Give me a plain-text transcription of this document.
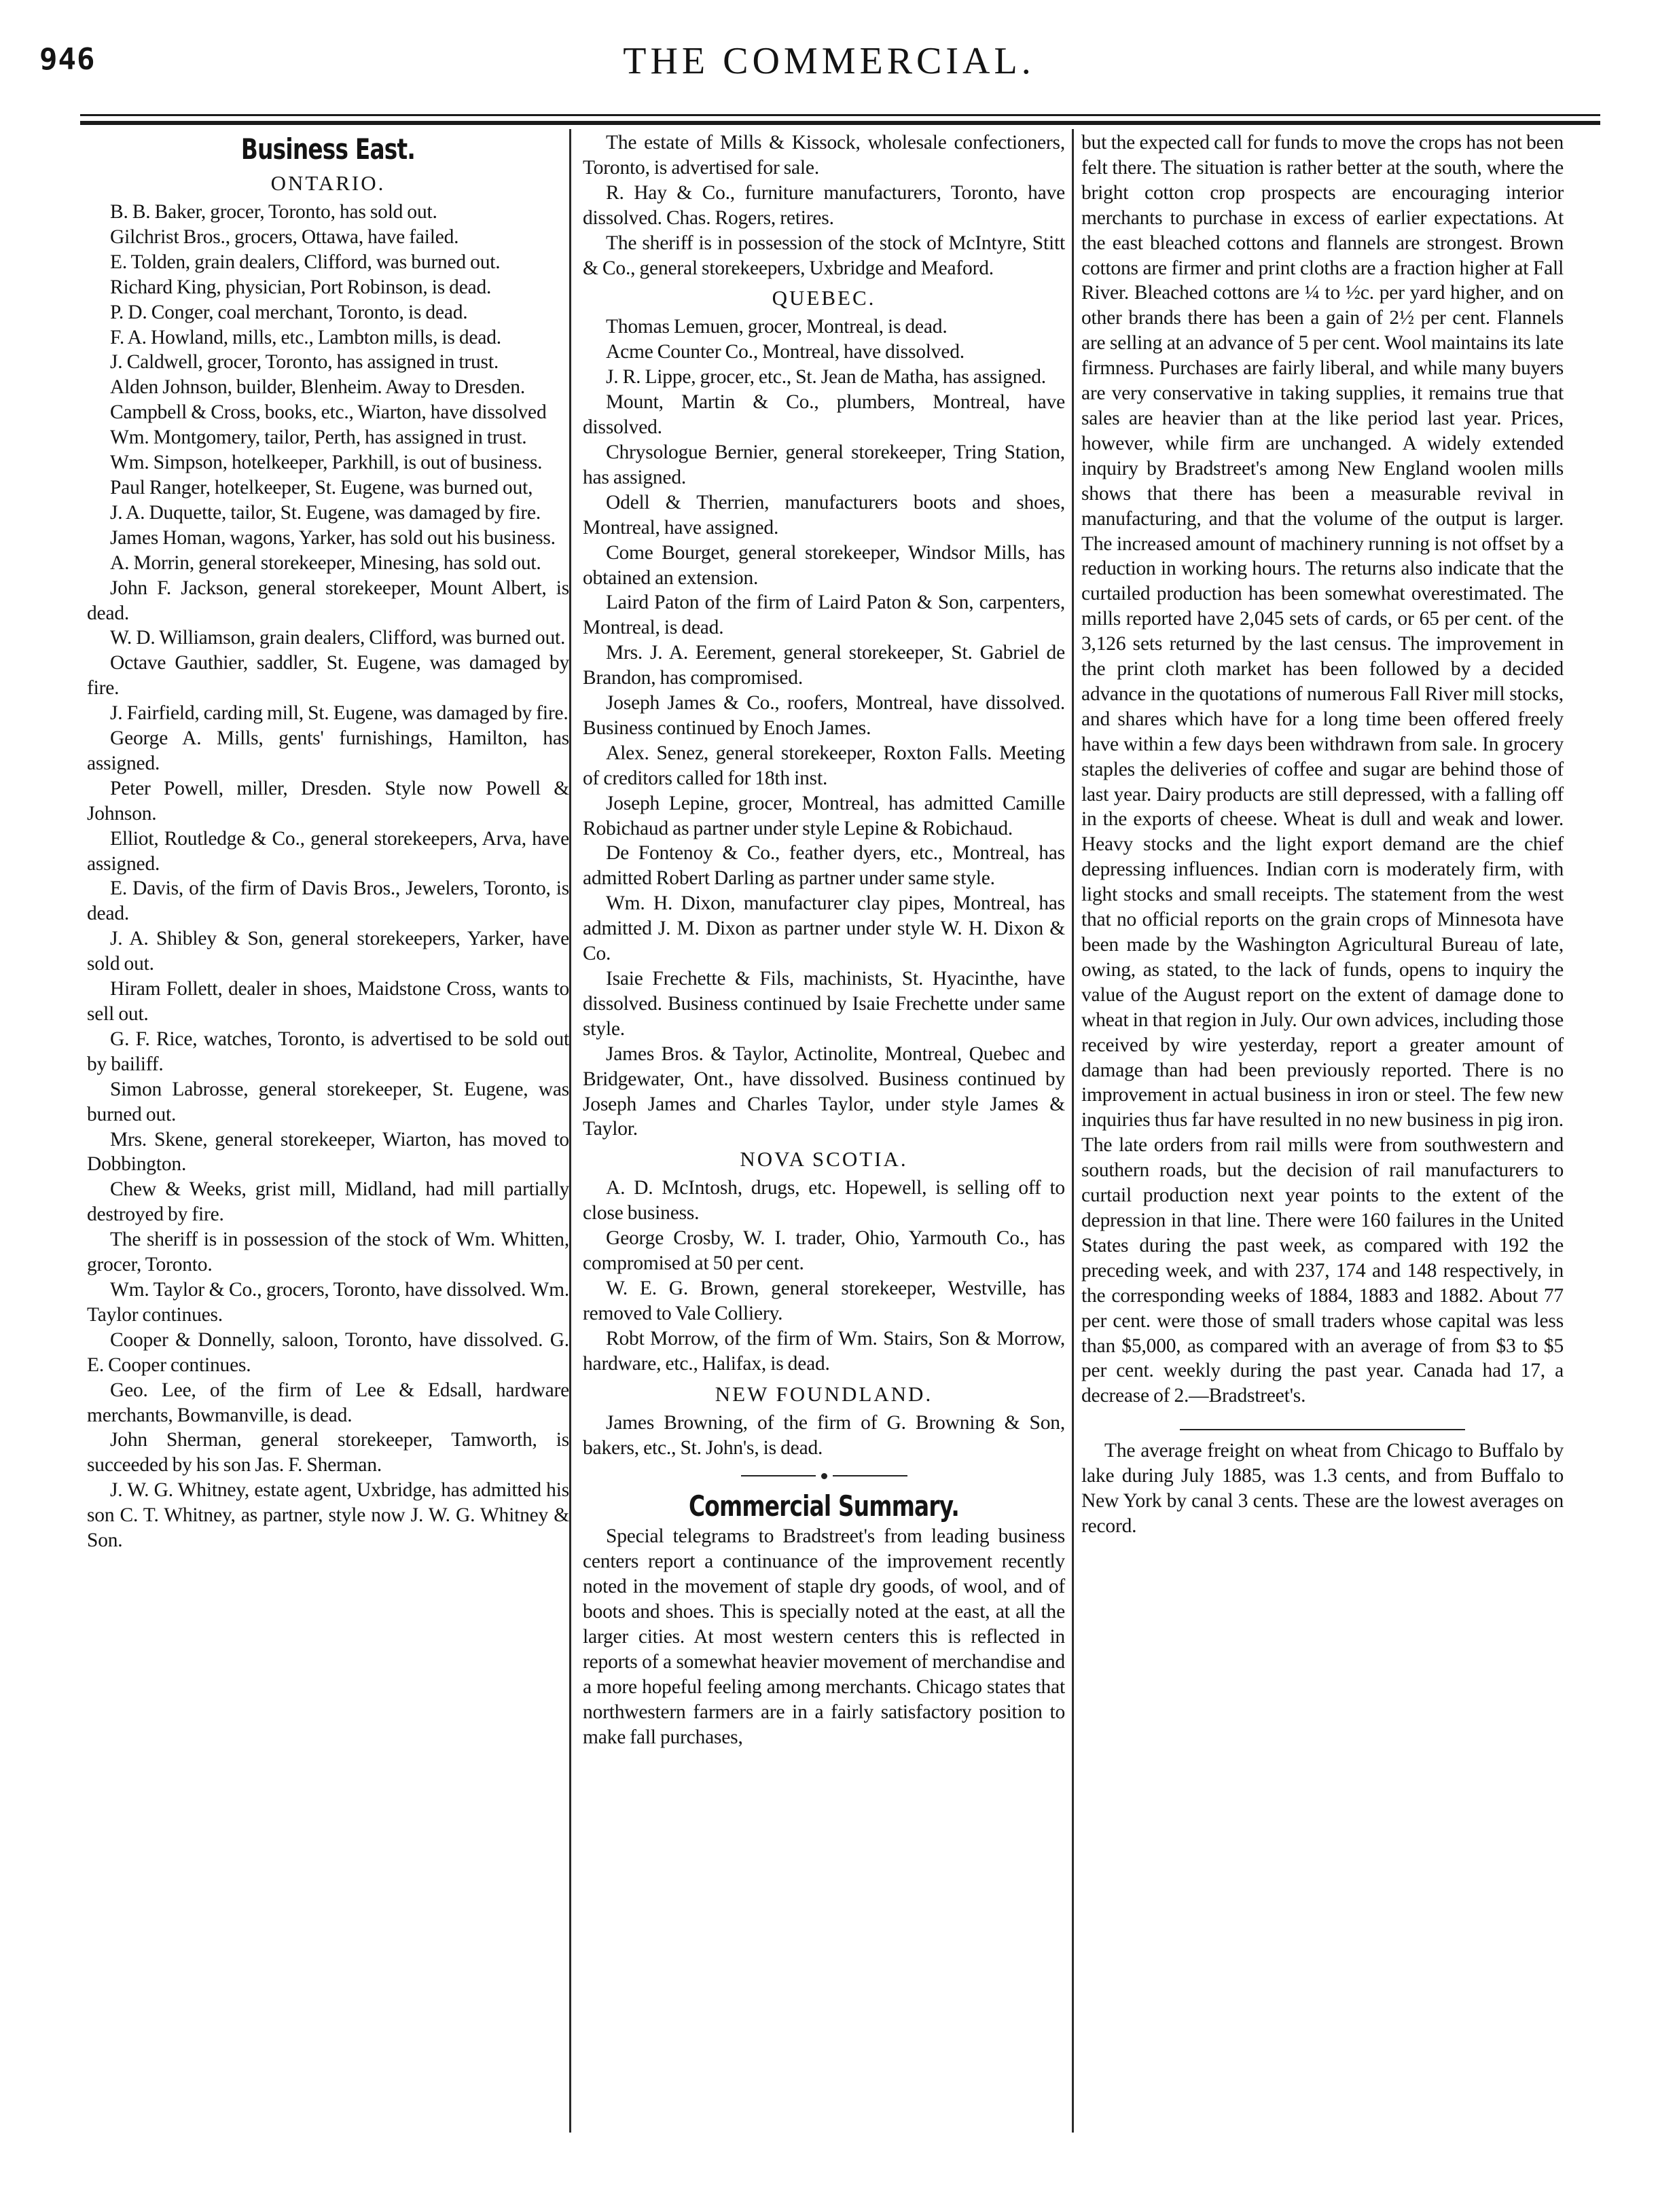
946	THE COMMERCIAL.
Business East.
ONTARIO.

B. B. Baker, grocer, Toronto, has sold out.

Gilchrist Bros., grocers, Ottawa, have failed.

E. Tolden, grain dealers, Clifford, was burned out.

Richard King, physician, Port Robinson, is dead.

P. D. Conger, coal merchant, Toronto, is dead.

F. A. Howland, mills, etc., Lambton mills, is dead.

J. Caldwell, grocer, Toronto, has assigned in trust.

Alden Johnson, builder, Blenheim. Away to Dresden.

Campbell & Cross, books, etc., Wiarton, have dissolved

Wm. Montgomery, tailor, Perth, has assigned in trust.

Wm. Simpson, hotelkeeper, Parkhill, is out of business.

Paul Ranger, hotelkeeper, St. Eugene, was burned out,

J. A. Duquette, tailor, St. Eugene, was damaged by fire.

James Homan, wagons, Yarker, has sold out his business.

A. Morrin, general storekeeper, Minesing, has sold out.

John F. Jackson, general storekeeper, Mount Albert, is dead.

W. D. Williamson, grain dealers, Clifford, was burned out.

Octave Gauthier, saddler, St. Eugene, was damaged by fire.

J. Fairfield, carding mill, St. Eugene, was damaged by fire.

George A. Mills, gents' furnishings, Hamilton, has assigned.

Peter Powell, miller, Dresden. Style now Powell & Johnson.

Elliot, Routledge & Co., general storekeepers, Arva, have assigned.

E. Davis, of the firm of Davis Bros., Jewelers, Toronto, is dead.

J. A. Shibley & Son, general storekeepers, Yarker, have sold out.

Hiram Follett, dealer in shoes, Maidstone Cross, wants to sell out.

G. F. Rice, watches, Toronto, is advertised to be sold out by bailiff.

Simon Labrosse, general storekeeper, St. Eugene, was burned out.

Mrs. Skene, general storekeeper, Wiarton, has moved to Dobbington.

Chew & Weeks, grist mill, Midland, had mill partially destroyed by fire.

The sheriff is in possession of the stock of Wm. Whitten, grocer, Toronto.

Wm. Taylor & Co., grocers, Toronto, have dissolved. Wm. Taylor continues.

Cooper & Donnelly, saloon, Toronto, have dissolved. G. E. Cooper continues.

Geo. Lee, of the firm of Lee & Edsall, hardware merchants, Bowmanville, is dead.

John Sherman, general storekeeper, Tamworth, is succeeded by his son Jas. F. Sherman.

J. W. G. Whitney, estate agent, Uxbridge, has admitted his son C. T. Whitney, as partner, style now J. W. G. Whitney & Son.

The estate of Mills & Kissock, wholesale confectioners, Toronto, is advertised for sale.

R. Hay & Co., furniture manufacturers, Toronto, have dissolved. Chas. Rogers, retires.

The sheriff is in possession of the stock of McIntyre, Stitt & Co., general storekeepers, Uxbridge and Meaford.

QUEBEC.

Thomas Lemuen, grocer, Montreal, is dead.

Acme Counter Co., Montreal, have dissolved.

J. R. Lippe, grocer, etc., St. Jean de Matha, has assigned.

Mount, Martin & Co., plumbers, Montreal, have dissolved.

Chrysologue Bernier, general storekeeper, Tring Station, has assigned.

Odell & Therrien, manufacturers boots and shoes, Montreal, have assigned.

Come Bourget, general storekeeper, Windsor Mills, has obtained an extension.

Laird Paton of the firm of Laird Paton & Son, carpenters, Montreal, is dead.

Mrs. J. A. Eerement, general storekeeper, St. Gabriel de Brandon, has compromised.

Joseph James & Co., roofers, Montreal, have dissolved. Business continued by Enoch James.

Alex. Senez, general storekeeper, Roxton Falls. Meeting of creditors called for 18th inst.

Joseph Lepine, grocer, Montreal, has admitted Camille Robichaud as partner under style Lepine & Robichaud.

De Fontenoy & Co., feather dyers, etc., Montreal, has admitted Robert Darling as partner under same style.

Wm. H. Dixon, manufacturer clay pipes, Montreal, has admitted J. M. Dixon as partner under style W. H. Dixon & Co.

Isaie Frechette & Fils, machinists, St. Hyacinthe, have dissolved. Business continued by Isaie Frechette under same style.

James Bros. & Taylor, Actinolite, Montreal, Quebec and Bridgewater, Ont., have dissolved. Business continued by Joseph James and Charles Taylor, under style James & Taylor.

NOVA SCOTIA.

A. D. McIntosh, drugs, etc. Hopewell, is selling off to close business.

George Crosby, W. I. trader, Ohio, Yarmouth Co., has compromised at 50 per cent.

W. E. G. Brown, general storekeeper, Westville, has removed to Vale Colliery.

Robt Morrow, of the firm of Wm. Stairs, Son & Morrow, hardware, etc., Halifax, is dead.

NEW FOUNDLAND.

James Browning, of the firm of G. Browning & Son, bakers, etc., St. John's, is dead.

Commercial Summary.

Special telegrams to Bradstreet's from leading business centers report a continuance of the improvement recently noted in the movement of staple dry goods, of wool, and of boots and shoes. This is specially noted at the east, at all the larger cities. At most western centers this is reflected in reports of a somewhat heavier movement of merchandise and a more hopeful feeling among merchants. Chicago states that northwestern farmers are in a fairly satisfactory position to make fall purchases,

but the expected call for funds to move the crops has not been felt there. The situation is rather better at the south, where the bright cotton crop prospects are encouraging interior merchants to purchase in excess of earlier expectations. At the east bleached cottons and flannels are strongest. Brown cottons are firmer and print cloths are a fraction higher at Fall River. Bleached cottons are ¼ to ½c. per yard higher, and on other brands there has been a gain of 2½ per cent. Flannels are selling at an advance of 5 per cent. Wool maintains its late firmness. Purchases are fairly liberal, and while many buyers are very conservative in taking supplies, it remains true that sales are heavier than at the like period last year. Prices, however, while firm are unchanged. A widely extended inquiry by Bradstreet's among New England woolen mills shows that there has been a measurable revival in manufacturing, and that the volume of the output is larger. The increased amount of machinery running is not offset by a reduction in working hours. The returns also indicate that the curtailed production has been somewhat overestimated. The mills reported have 2,045 sets of cards, or 65 per cent. of the 3,126 sets returned by the last census. The improvement in the print cloth market has been followed by a decided advance in the quotations of numerous Fall River mill stocks, and shares which have for a long time been offered freely have within a few days been withdrawn from sale. In grocery staples the deliveries of coffee and sugar are behind those of last year. Dairy products are still depressed, with a falling off in the exports of cheese. Wheat is dull and weak and lower. Heavy stocks and the light export demand are the chief depressing influences. Indian corn is moderately firm, with light stocks and small receipts. The statement from the west that no official reports on the grain crops of Minnesota have been made by the Washington Agricultural Bureau of late, owing, as stated, to the lack of funds, opens to inquiry the value of the August report on the extent of damage done to wheat in that region in July. Our own advices, including those received by wire yesterday, report a greater amount of damage than had been previously reported. There is no improvement in actual business in iron or steel. The few new inquiries thus far have resulted in no new business in pig iron. The late orders from rail mills were from southwestern and southern roads, but the decision of rail manufacturers to curtail production next year points to the extent of the depression in that line. There were 160 failures in the United States during the past week, as compared with 192 the preceding week, and with 237, 174 and 148 respectively, in the corresponding weeks of 1884, 1883 and 1882. About 77 per cent. were those of small traders whose capital was less than $5,000, as compared with an average of from $3 to $5 per cent. weekly during the past year. Canada had 17, a decrease of 2.—Bradstreet's.

The average freight on wheat from Chicago to Buffalo by lake during July 1885, was 1.3 cents, and from Buffalo to New York by canal 3 cents. These are the lowest averages on record.
